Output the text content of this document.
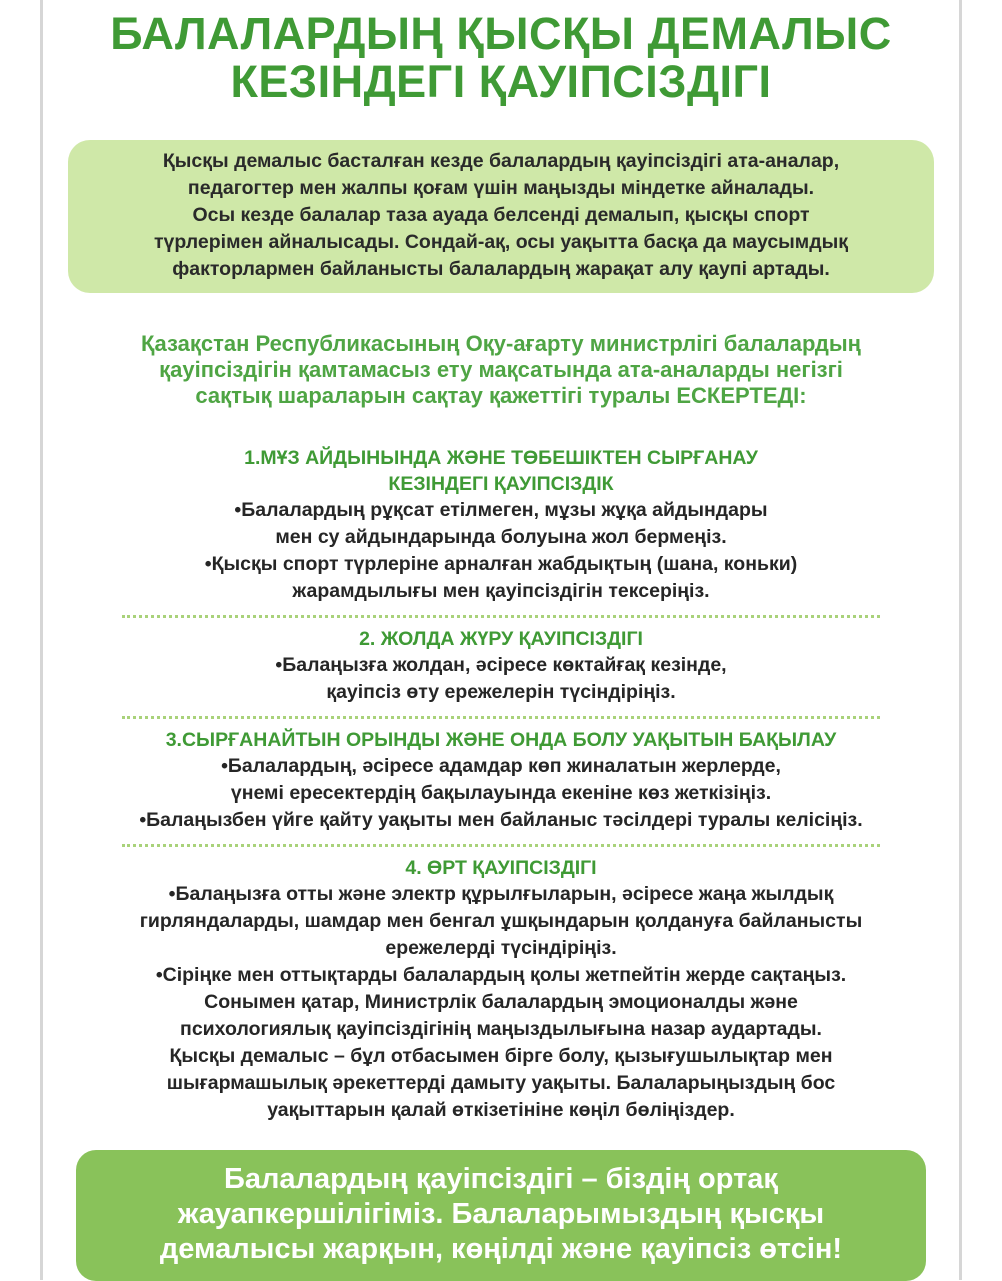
БАЛАЛАРДЫҢ ҚЫСҚЫ ДЕМАЛЫС
КЕЗІНДЕГІ ҚАУІПСІЗДІГІ
Қысқы демалыс басталған кезде балалардың қауіпсіздігі ата-аналар,
педагогтер мен жалпы қоғам үшін маңызды міндетке айналады.
Осы кезде балалар таза ауада белсенді демалып, қысқы спорт
түрлерімен айналысады. Сондай-ақ, осы уақытта басқа да маусымдық
факторлармен байланысты балалардың жарақат алу қаупі артады.
Қазақстан Республикасының Оқу-ағарту министрлігі балалардың
қауіпсіздігін қамтамасыз ету мақсатында ата-аналарды негізгі
сақтық шараларын сақтау қажеттігі туралы ЕСКЕРТЕДІ:
1.МҰЗ АЙДЫНЫНДА ЖӘНЕ ТӨБЕШІКТЕН СЫРҒАНАУ
КЕЗІНДЕГІ ҚАУІПСІЗДІК
•Балалардың рұқсат етілмеген, мұзы жұқа айдындары
мен су айдындарында болуына жол бермеңіз.
•Қысқы спорт түрлеріне арналған жабдықтың (шана, коньки)
жарамдылығы мен қауіпсіздігін тексеріңіз.
2. ЖОЛДА ЖҮРУ ҚАУІПСІЗДІГІ
•Балаңызға жолдан, әсіресе көктайғақ кезінде,
қауіпсіз өту ережелерін түсіндіріңіз.
3.СЫРҒАНАЙТЫН ОРЫНДЫ ЖӘНЕ ОНДА БОЛУ УАҚЫТЫН БАҚЫЛАУ
•Балалардың, әсіресе адамдар көп жиналатын жерлерде,
үнемі ересектердің бақылауында екеніне көз жеткізіңіз.
•Балаңызбен үйге қайту уақыты мен байланыс тәсілдері туралы келісіңіз.
4. ӨРТ ҚАУІПСІЗДІГІ
•Балаңызға отты және электр құрылғыларын, әсіресе жаңа жылдық
гирляндаларды, шамдар мен бенгал ұшқындарын қолдануға байланысты
ережелерді түсіндіріңіз.
•Сіріңке мен оттықтарды балалардың қолы жетпейтін жерде сақтаңыз.
Сонымен қатар, Министрлік балалардың эмоционалды және
психологиялық қауіпсіздігінің маңыздылығына назар аудартады.
Қысқы демалыс – бұл отбасымен бірге болу, қызығушылықтар мен
шығармашылық әрекеттерді дамыту уақыты. Балаларыңыздың бос
уақыттарын қалай өткізетініне көңіл бөліңіздер.
Балалардың қауіпсіздігі – біздің ортақ
жауапкершілігіміз. Балаларымыздың қысқы
демалысы жарқын, көңілді және қауіпсіз өтсін!
